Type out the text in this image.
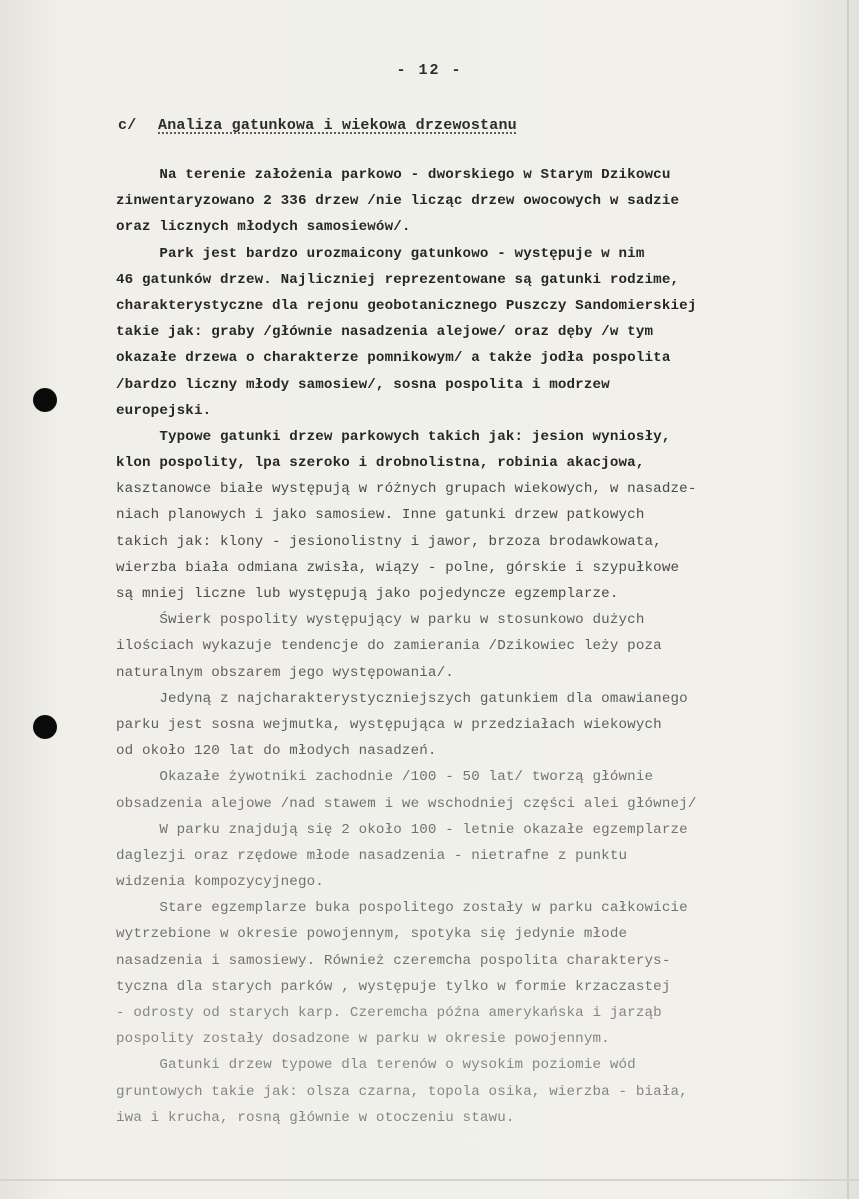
- 12 -
c/ Analiza gatunkowa i wiekowa drzewostanu
Na terenie założenia parkowo - dworskiego w Starym Dzikowcu
zinwentaryzowano 2 336 drzew /nie licząc drzew owocowych w sadzie
oraz licznych młodych samosiewów/.
Park jest bardzo urozmaicony gatunkowo - występuje w nim
46 gatunków drzew. Najliczniej reprezentowane są gatunki rodzime,
charakterystyczne dla rejonu geobotanicznego Puszczy Sandomierskiej
takie jak: graby /głównie nasadzenia alejowe/ oraz dęby /w tym
okazałe drzewa o charakterze pomnikowym/ a także jodła pospolita
/bardzo liczny młody samosiew/, sosna pospolita i modrzew
europejski.
Typowe gatunki drzew parkowych takich jak: jesion wyniosły,
klon pospolity, lpa szeroko i drobnolistna, robinia akacjowa,
kasztanowce białe występują w różnych grupach wiekowych, w nasadze-
niach planowych i jako samosiew. Inne gatunki drzew patkowych
takich jak: klony - jesionolistny i jawor, brzoza brodawkowata,
wierzba biała odmiana zwisła, wiązy - polne, górskie i szypułkowe
są mniej liczne lub występują jako pojedyncze egzemplarze.
Świerk pospolity występujący w parku w stosunkowo dużych
ilościach wykazuje tendencje do zamierania /Dzikowiec leży poza
naturalnym obszarem jego występowania/.
Jedyną z najcharakterystyczniejszych gatunkiem dla omawianego
parku jest sosna wejmutka, występująca w przedziałach wiekowych
od około 120 lat do młodych nasadzeń.
Okazałe żywotniki zachodnie /100 - 50 lat/ tworzą głównie
obsadzenia alejowe /nad stawem i we wschodniej części alei głównej/
W parku znajdują się 2 około 100 - letnie okazałe egzemplarze
daglezji oraz rzędowe młode nasadzenia - nietrafne z punktu
widzenia kompozycyjnego.
Stare egzemplarze buka pospolitego zostały w parku całkowicie
wytrzebione w okresie powojennym, spotyka się jedynie młode
nasadzenia i samosiewy. Również czeremcha pospolita charakterys-
tyczna dla starych parków , występuje tylko w formie krzaczastej
- odrosty od starych karp. Czeremcha późna amerykańska i jarząb
pospolity zostały dosadzone w parku w okresie powojennym.
Gatunki drzew typowe dla terenów o wysokim poziomie wód
gruntowych takie jak: olsza czarna, topola osika, wierzba - biała,
iwa i krucha, rosną głównie w otoczeniu stawu.
